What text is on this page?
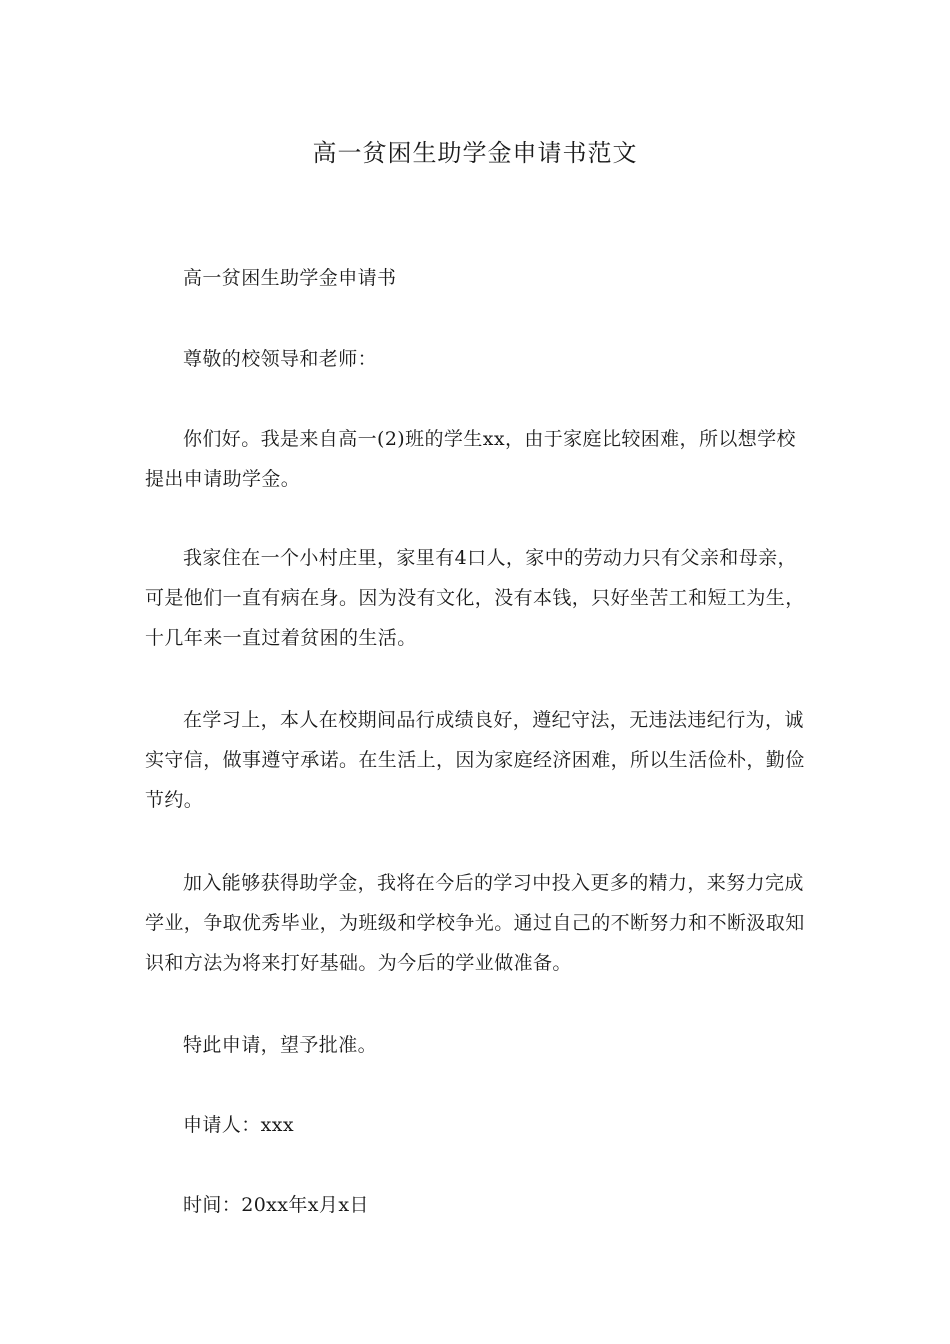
高一贫困生助学金申请书范文

高一贫困生助学金申请书

尊敬的校领导和老师：

你们好。我是来自高一(2)班的学生xx，由于家庭比较困难，所以想学校提出申请助学金。

我家住在一个小村庄里，家里有4口人，家中的劳动力只有父亲和母亲，可是他们一直有病在身。因为没有文化，没有本钱，只好坐苦工和短工为生，十几年来一直过着贫困的生活。

在学习上，本人在校期间品行成绩良好，遵纪守法，无违法违纪行为，诚实守信，做事遵守承诺。在生活上，因为家庭经济困难，所以生活俭朴，勤俭节约。

加入能够获得助学金，我将在今后的学习中投入更多的精力，来努力完成学业，争取优秀毕业，为班级和学校争光。通过自己的不断努力和不断汲取知识和方法为将来打好基础。为今后的学业做准备。

特此申请，望予批准。

申请人：xxx

时间：20xx年x月x日
